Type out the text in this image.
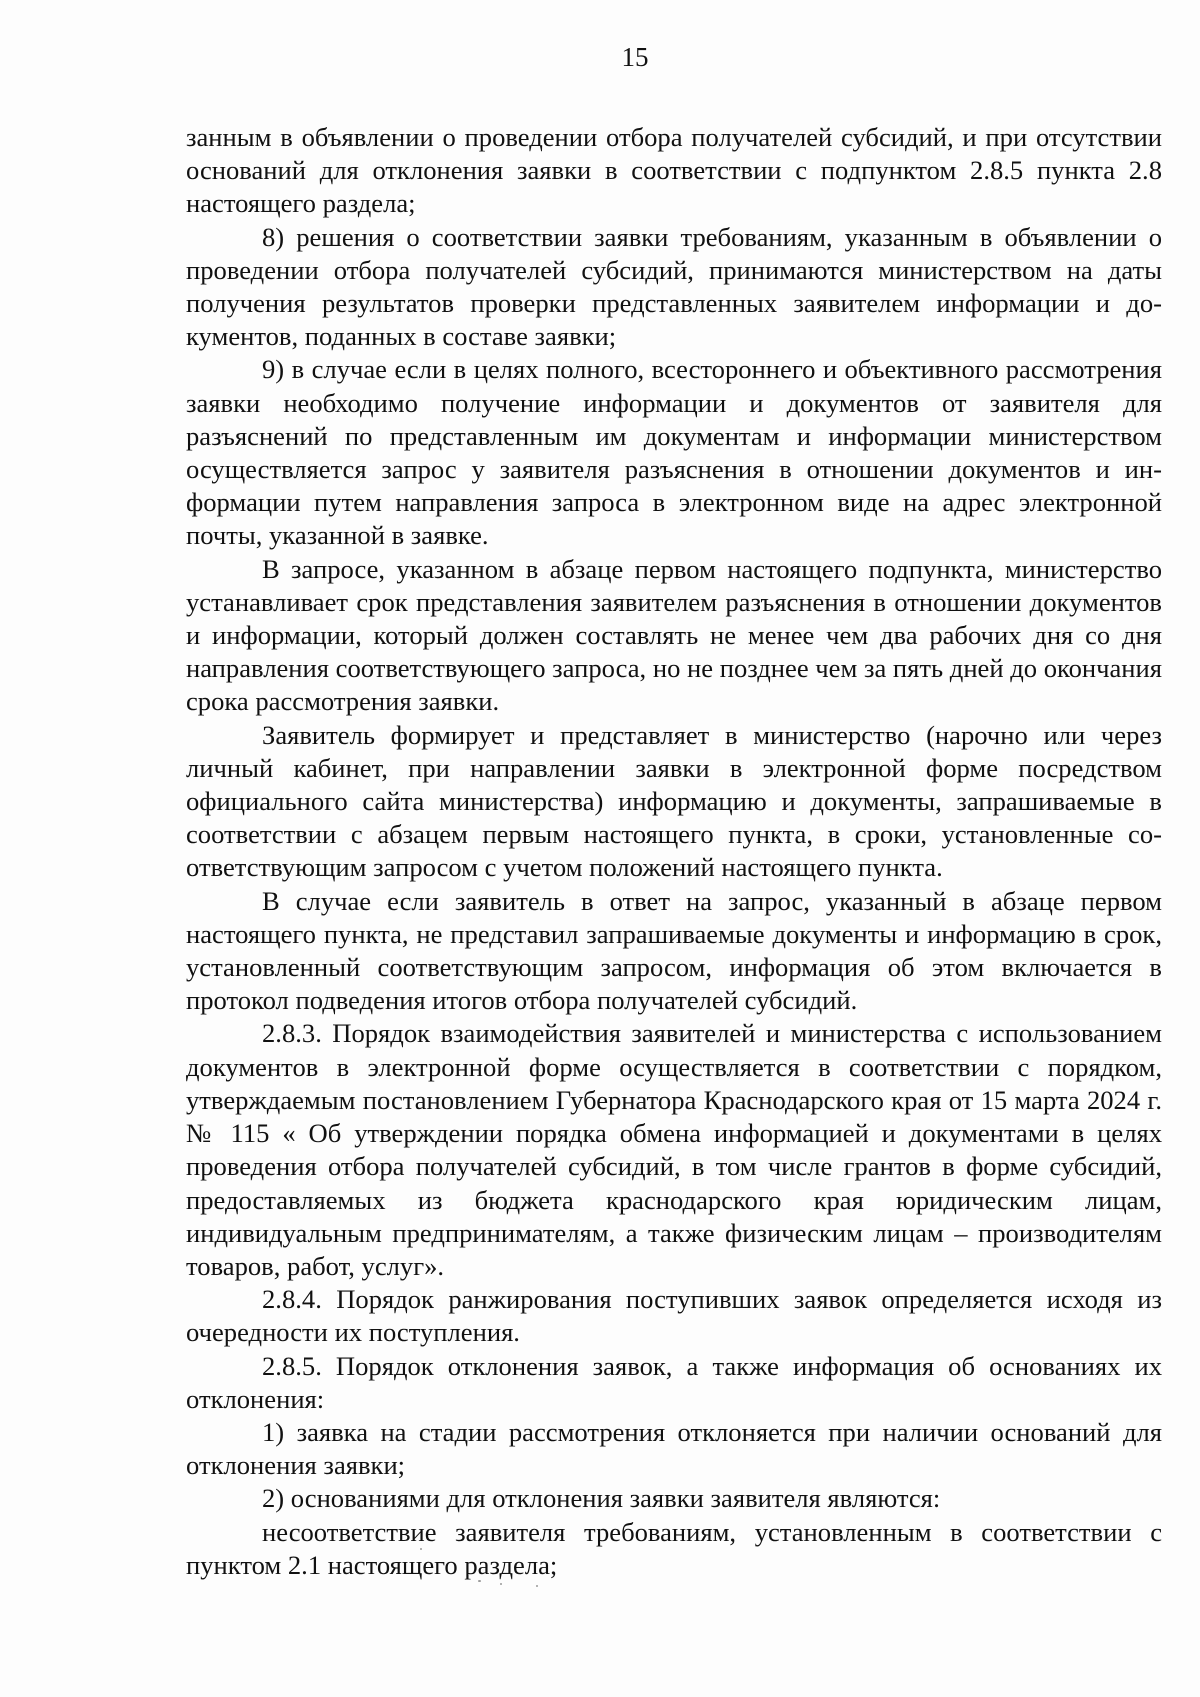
15

занным в объявлении о проведении отбора получателей субсидий, и при отсутствии оснований для отклонения заявки в соответствии с подпунктом 2.8.5 пункта 2.8 настоящего раздела;

8) решения о соответствии заявки требованиям, указанным в объявлении о проведении отбора получателей субсидий, принимаются министерством на даты получения результатов проверки представленных заявителем информации и документов, поданных в составе заявки;

9) в случае если в целях полного, всестороннего и объективного рассмотрения заявки необходимо получение информации и документов от заявителя для разъяснений по представленным им документам и информации министерством осуществляется запрос у заявителя разъяснения в отношении документов и информации путем направления запроса в электронном виде на адрес электронной почты, указанной в заявке.

В запросе, указанном в абзаце первом настоящего подпункта, министерство устанавливает срок представления заявителем разъяснения в отношении документов и информации, который должен составлять не менее чем два рабочих дня со дня направления соответствующего запроса, но не позднее чем за пять дней до окончания срока рассмотрения заявки.

Заявитель формирует и представляет в министерство (нарочно или через личный кабинет, при направлении заявки в электронной форме посредством официального сайта министерства) информацию и документы, запрашиваемые в соответствии с абзацем первым настоящего пункта, в сроки, установленные соответствующим запросом с учетом положений настоящего пункта.

В случае если заявитель в ответ на запрос, указанный в абзаце первом настоящего пункта, не представил запрашиваемые документы и информацию в срок, установленный соответствующим запросом, информация об этом включается в протокол подведения итогов отбора получателей субсидий.

2.8.3. Порядок взаимодействия заявителей и министерства с использованием документов в электронной форме осуществляется в соответствии с порядком, утверждаемым постановлением Губернатора Краснодарского края от 15 марта 2024 г. № 115 « Об утверждении порядка обмена информацией и документами в целях проведения отбора получателей субсидий, в том числе грантов в форме субсидий, предоставляемых из бюджета краснодарского края юридическим лицам, индивидуальным предпринимателям, а также физическим лицам – производителям товаров, работ, услуг».

2.8.4. Порядок ранжирования поступивших заявок определяется исходя из очередности их поступления.

2.8.5. Порядок отклонения заявок, а также информация об основаниях их отклонения:

1) заявка на стадии рассмотрения отклоняется при наличии оснований для отклонения заявки;

2) основаниями для отклонения заявки заявителя являются:

несоответствие заявителя требованиям, установленным в соответствии с пунктом 2.1 настоящего раздела;
